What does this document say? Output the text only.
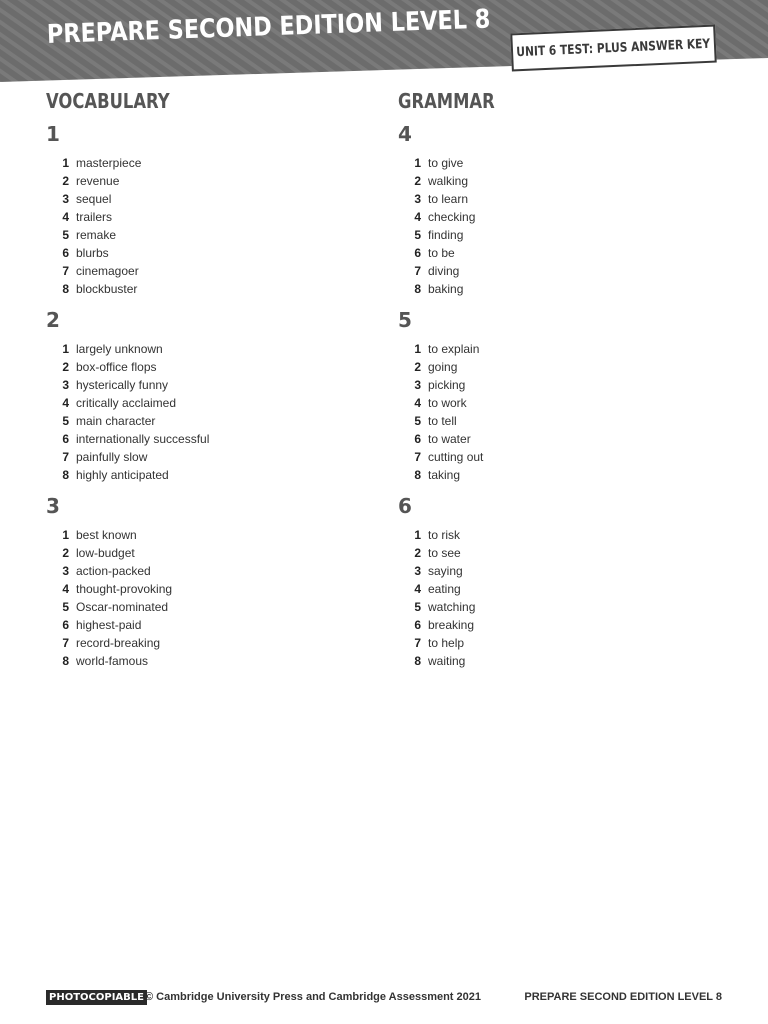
PREPARE SECOND EDITION LEVEL 8 UNIT 6 TEST: PLUS ANSWER KEY
VOCABULARY
1
1 masterpiece
2 revenue
3 sequel
4 trailers
5 remake
6 blurbs
7 cinemagoer
8 blockbuster
2
1 largely unknown
2 box-office flops
3 hysterically funny
4 critically acclaimed
5 main character
6 internationally successful
7 painfully slow
8 highly anticipated
3
1 best known
2 low-budget
3 action-packed
4 thought-provoking
5 Oscar-nominated
6 highest-paid
7 record-breaking
8 world-famous
GRAMMAR
4
1 to give
2 walking
3 to learn
4 checking
5 finding
6 to be
7 diving
8 baking
5
1 to explain
2 going
3 picking
4 to work
5 to tell
6 to water
7 cutting out
8 taking
6
1 to risk
2 to see
3 saying
4 eating
5 watching
6 breaking
7 to help
8 waiting
PHOTOCOPIABLE © Cambridge University Press and Cambridge Assessment 2021	PREPARE SECOND EDITION LEVEL 8
